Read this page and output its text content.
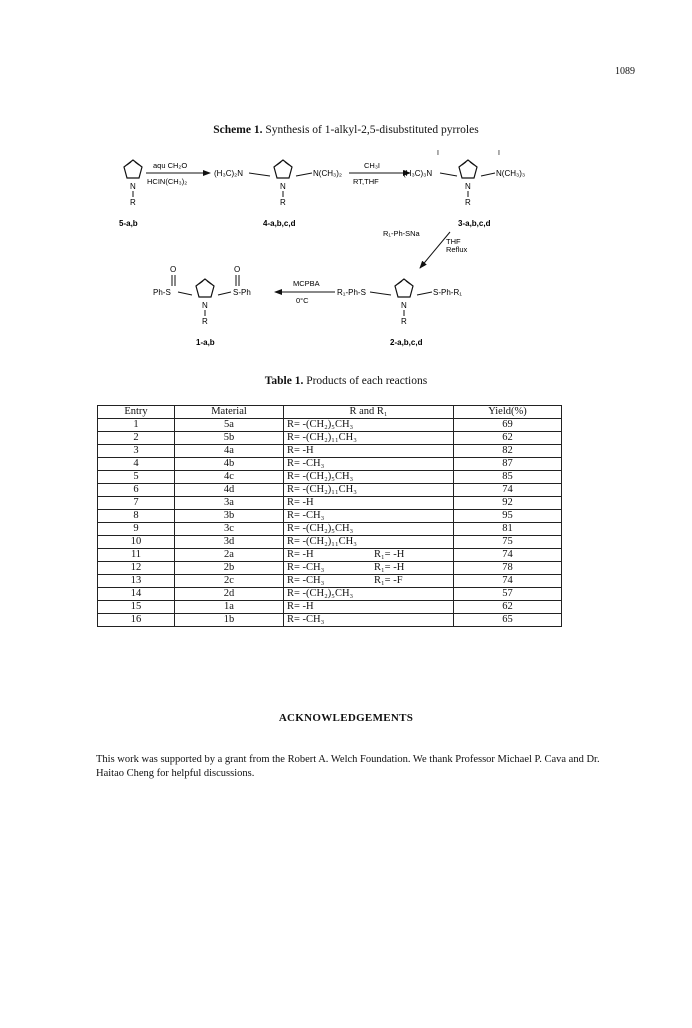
1089
Scheme 1. Synthesis of 1-alkyl-2,5-disubstituted pyrroles
N
R
5-a,b
aqu CH₂O
HCIN(CH₃)₂
(H₃C)₂N
N
R
N(CH₃)₂
4-a,b,c,d
CH₃I
RT,THF
I
(H₃C)₃N
N
R
I
N(CH₃)₃
3-a,b,c,d
R₁-Ph-SNa
THF
Reflux
R₁-Ph-S
N
R
S-Ph-R₁
2-a,b,c,d
MCPBA
0°C
Ph-S
O
N
R
O
S-Ph
1-a,b
Table 1. Products of each reactions
Entry	Material	R and R₁	Yield(%)
1	5a	R= -(CH₂)₅CH₃	69
2	5b	R= -(CH₂)₁₁CH₃	62
3	4a	R= -H	82
4	4b	R= -CH₃	87
5	4c	R= -(CH₂)₅CH₃	85
6	4d	R= -(CH₂)₁₁CH₃	74
7	3a	R= -H	92
8	3b	R= -CH₃	95
9	3c	R= -(CH₂)₅CH₃	81
10	3d	R= -(CH₂)₁₁CH₃	75
11	2a	R= -H R₁= -H	74
12	2b	R= -CH₃ R₁= -H	78
13	2c	R= -CH₃ R₁= -F	74
14	2d	R= -(CH₂)₅CH₃	57
15	1a	R= -H	62
16	1b	R= -CH₃	65
ACKNOWLEDGEMENTS
This work was supported by a grant from the Robert A. Welch Foundation. We thank Professor Michael P. Cava and Dr. Haitao Cheng for helpful discussions.
